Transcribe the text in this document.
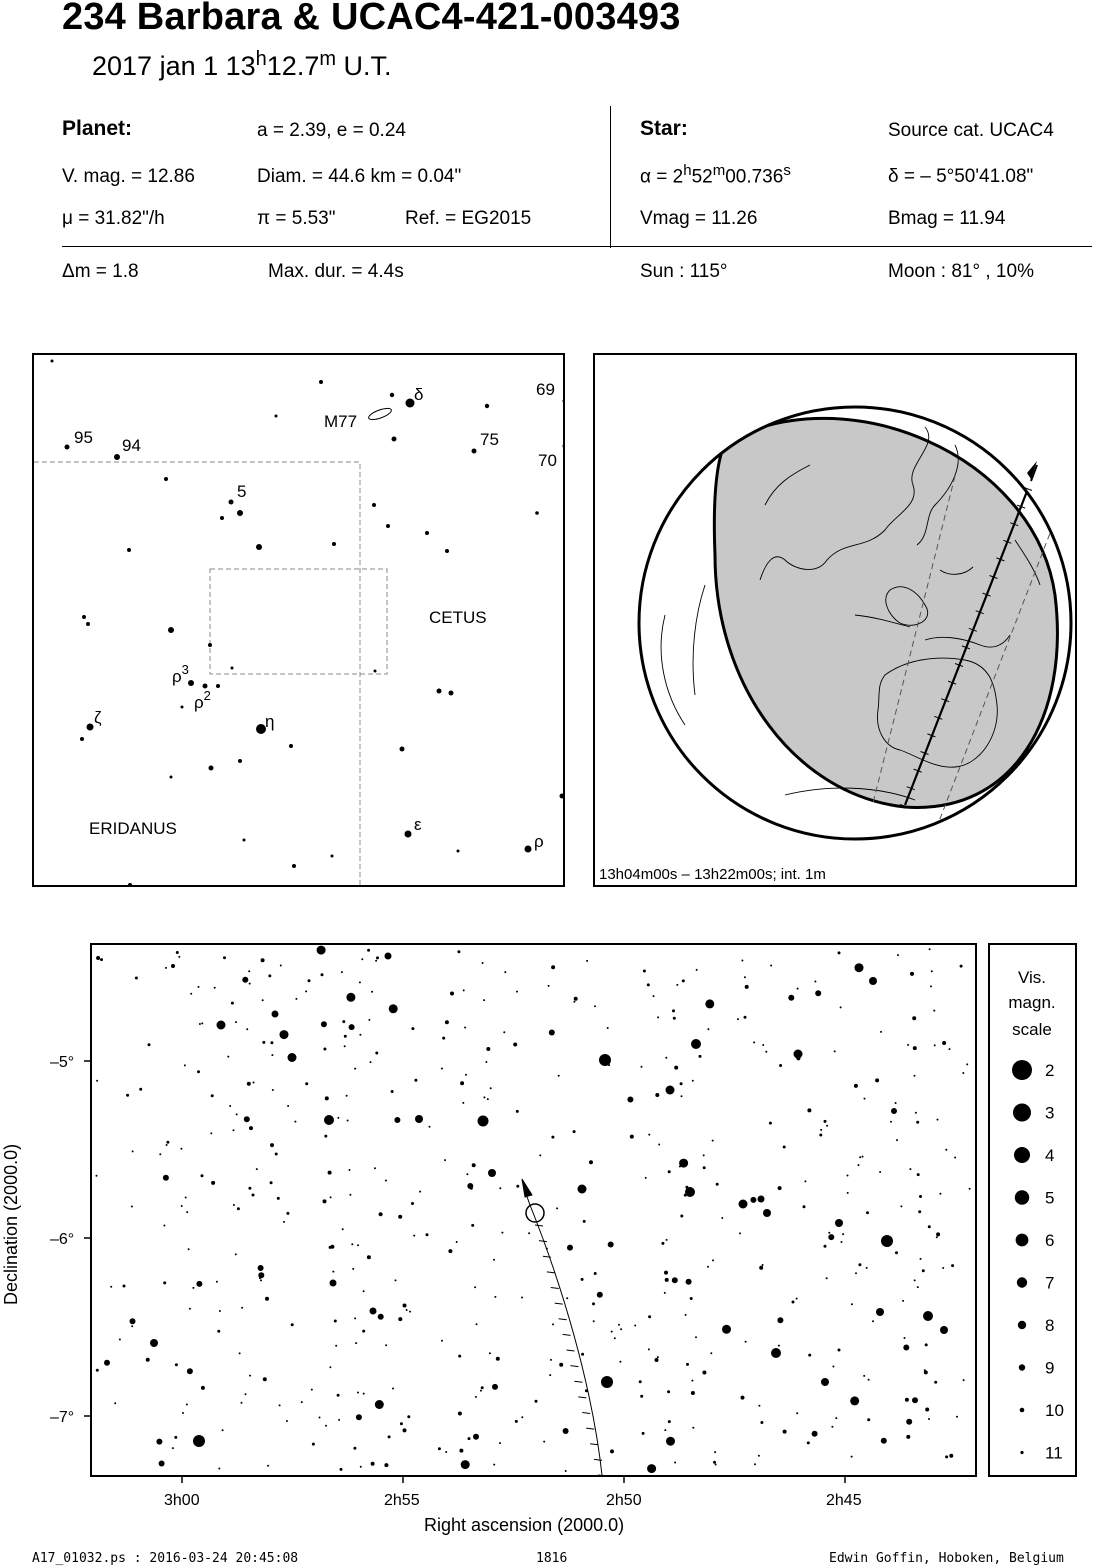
234 Barbara & UCAC4-421-003493
2017 jan 1 13$^h$12.7$^m$ U.T.
Planet:	a = 2.39, e = 0.24
V. mag. = 12.86	Diam. = 44.6 km = 0.04"
μ = 31.82"/h	π = 5.53"	Ref. = EG2015
Star:	Source cat. UCAC4
$\alpha = 2^h52^m00.736^s$	δ = – 5°50'41.08"
Vmag = 11.26	Bmag = 11.94
Δm = 1.8	Max. dur. = 4.4s	Sun : 115°	Moon : 81° , 10%
95 94
M77
δ	69
75
70
5
CETUS
$\rho^3$
$\rho^2$
ζ	η
ERIDANUS	ε
ρ
13h04m00s – 13h22m00s; int. 1m
–5°
–6°
–7°
3h00	2h55	2h50	2h45
Right ascension (2000.0)
Declination (2000.0)
Vis.
magn.
scale
2
3
4
5
6
7
8
9
10
11
A17_01032.ps : 2016-03-24 20:45:08	1816	Edwin Goffin, Hoboken, Belgium
